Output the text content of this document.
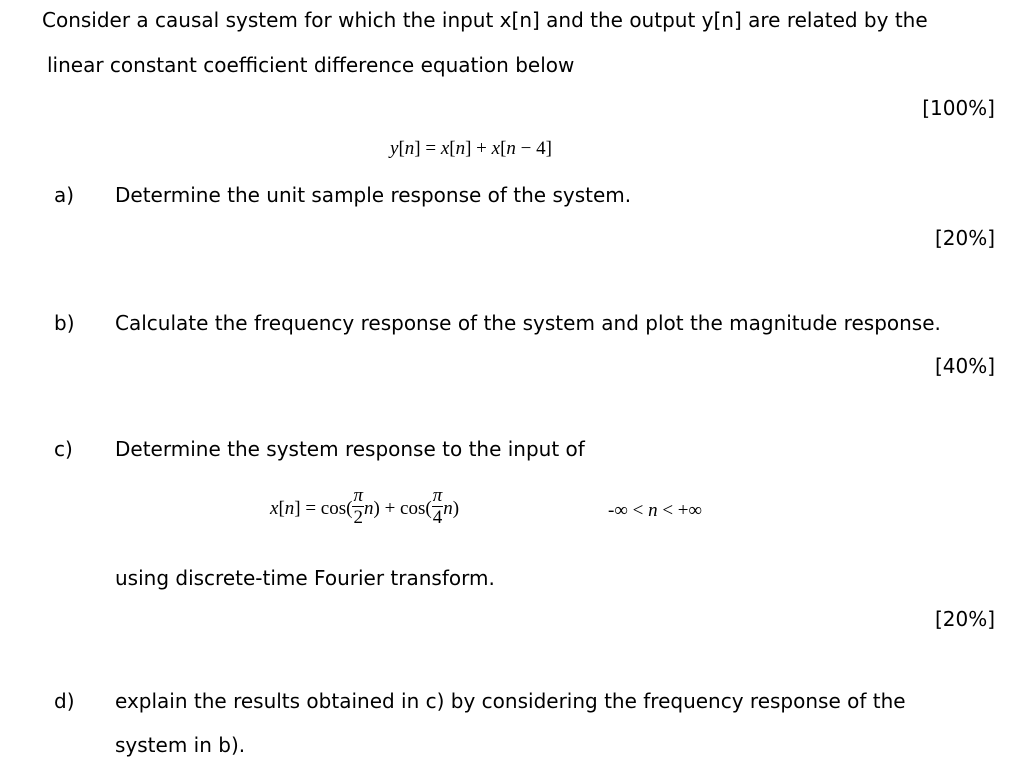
Consider a causal system for which the input x[n] and the output y[n] are related by the
linear constant coefficient difference equation below
[100%]
y[n] = x[n] + x[n − 4]
a) Determine the unit sample response of the system.
[20%]
b) Calculate the frequency response of the system and plot the magnitude response.
[40%]
c) Determine the system response to the input of
$x[n] = \cos( \frac{\pi}{2} n) + \cos( \frac{\pi}{4} n)$	-∞ < n < +∞
using discrete-time Fourier transform.
[20%]
d) explain the results obtained in c) by considering the frequency response of the
system in b).
